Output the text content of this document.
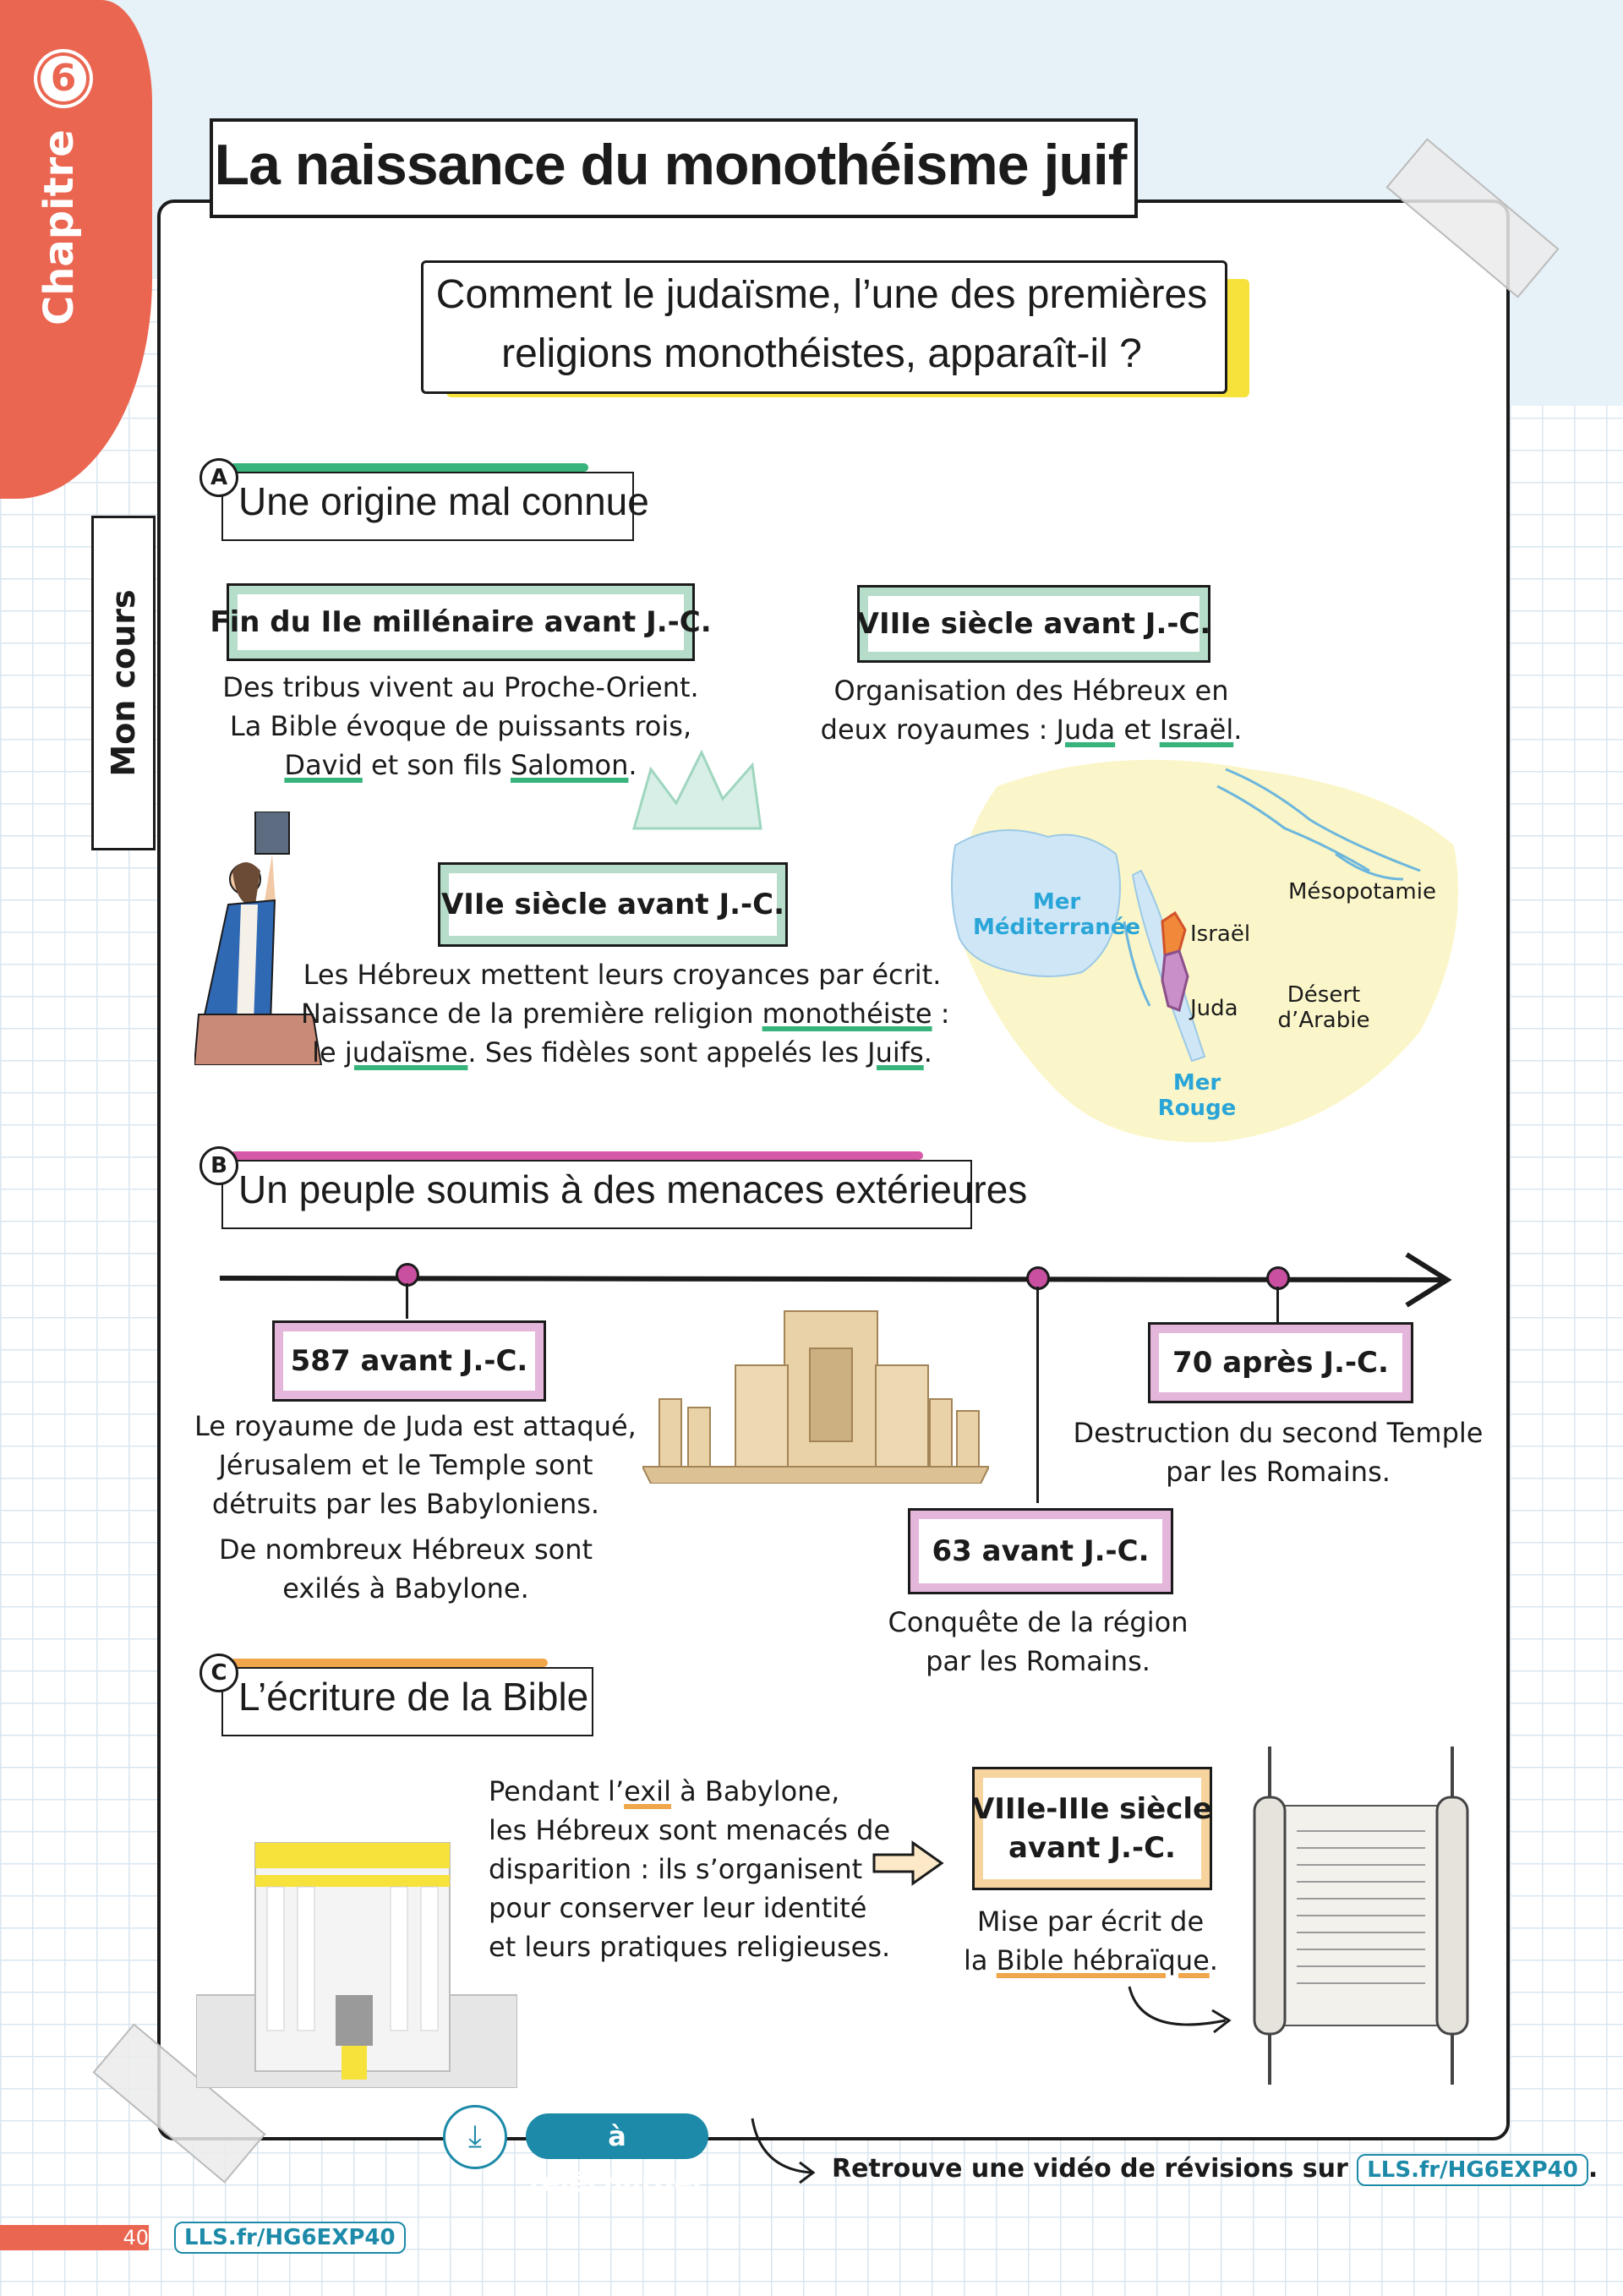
Chapitre
6
Mon cours
La naissance du monothéisme juif
Comment le judaïsme, l’une des premières
religions monothéistes, apparaît-il ?
Une origine mal connue
A
Fin du IIe millénaire avant J.-C.
Des tribus vivent au Proche-Orient.
La Bible évoque de puissants rois,
David et son fils Salomon.
VIIIe siècle avant J.-C.
Organisation des Hébreux en
deux royaumes : Juda et Israël.
VIIe siècle avant J.-C.
Les Hébreux mettent leurs croyances par écrit.
Naissance de la première religion monothéiste :
le judaïsme. Ses fidèles sont appelés les Juifs.
Mer
Méditerranée
Mer
Rouge
Israël
Juda
Mésopotamie
Désert
d’Arabie
Un peuple soumis à des menaces extérieures
B
587 avant J.-C.
Le royaume de Juda est attaqué,
Jérusalem et le Temple sont
détruits par les Babyloniens.
De nombreux Hébreux sont
exilés à Babylone.
70 après J.-C.
Destruction du second Temple
par les Romains.
63 avant J.-C.
Conquête de la région
par les Romains.
L’écriture de la Bible
C
Pendant l’exil à Babylone,
les Hébreux sont menacés de
disparition : ils s’organisent
pour conserver leur identité
et leurs pratiques religieuses.
VIIIe-IIIe siècle
avant J.-C.
Mise par écrit de
la Bible hébraïque.
⤓	à télécharger	Retrouve une vidéo de révisions sur LLS.fr/HG6EXP40 .
40	LLS.fr/HG6EXP40
